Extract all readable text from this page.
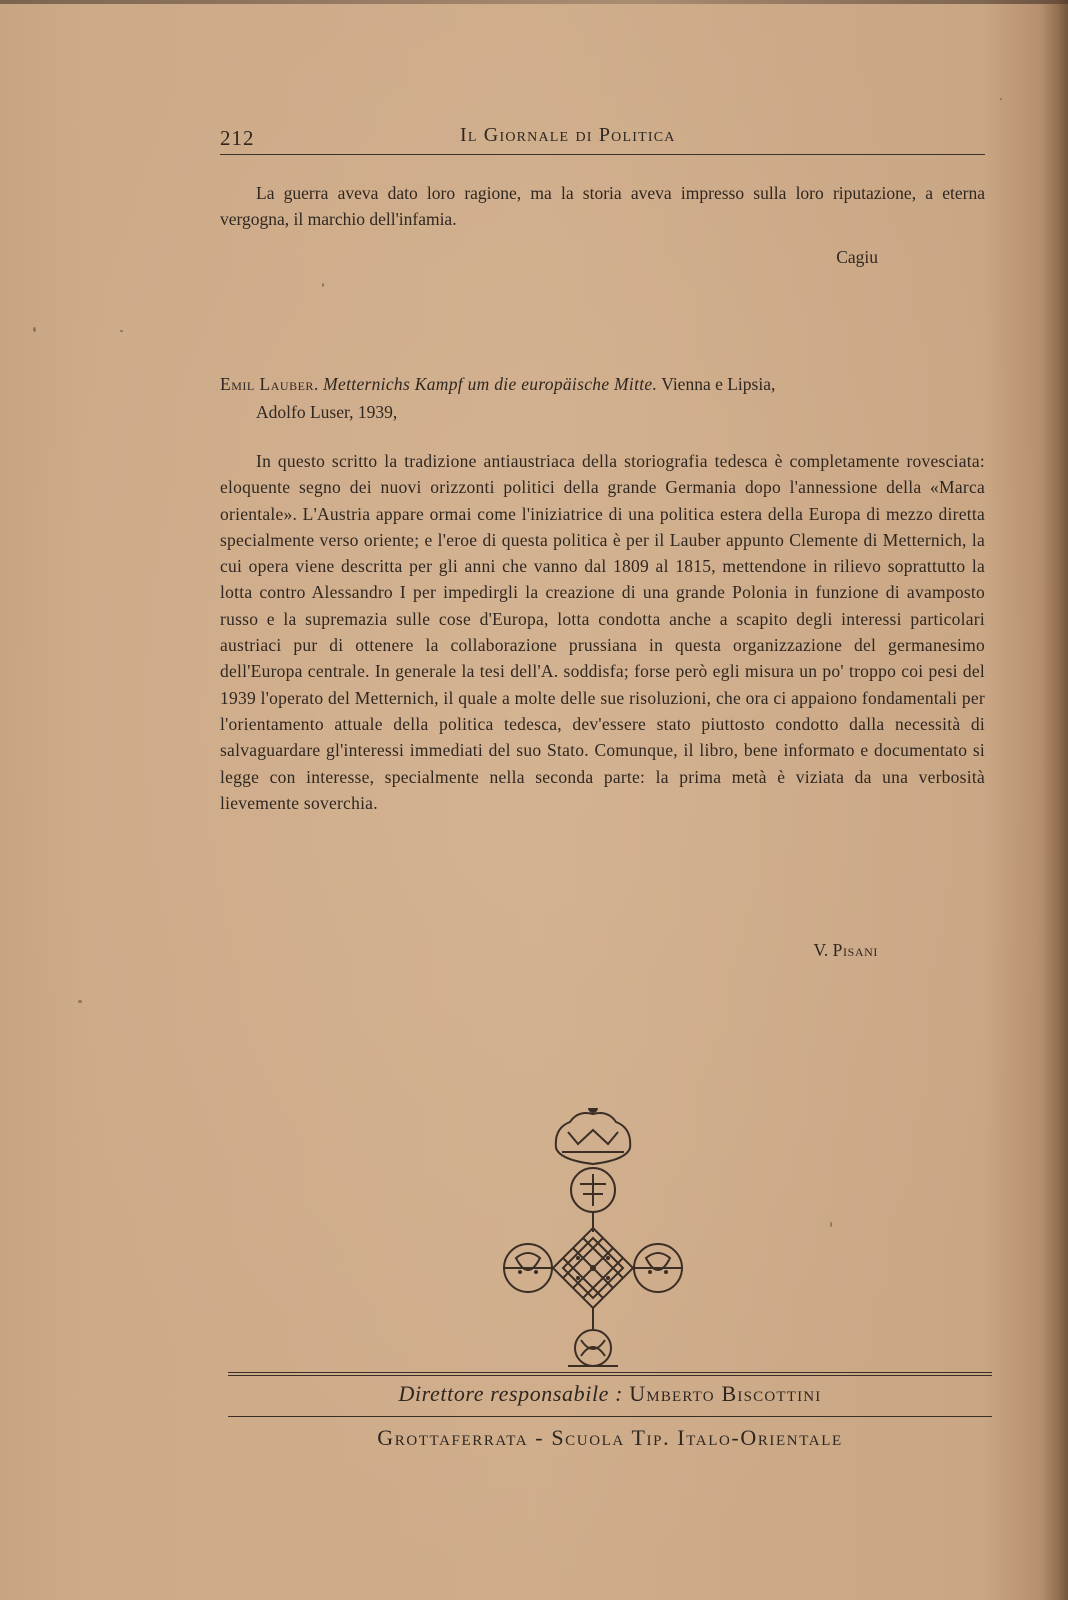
212	Il Giornale di Politica

La guerra aveva dato loro ragione, ma la storia aveva impresso sulla loro riputazione, a eterna vergogna, il marchio dell'infamia.

Cagiu
Emil Lauber. Metternichs Kampf um die europäische Mitte. Vienna e Lipsia,
Adolfo Luser, 1939,

In questo scritto la tradizione antiaustriaca della storiografia tedesca è completamente rovesciata: eloquente segno dei nuovi orizzonti politici della grande Germania dopo l'annessione della «Marca orientale». L'Austria appare ormai come l'iniziatrice di una politica estera della Europa di mezzo diretta specialmente verso oriente; e l'eroe di questa politica è per il Lauber appunto Clemente di Metternich, la cui opera viene descritta per gli anni che vanno dal 1809 al 1815, mettendone in rilievo soprattutto la lotta contro Alessandro I per impedirgli la creazione di una grande Polonia in funzione di avamposto russo e la supremazia sulle cose d'Europa, lotta condotta anche a scapito degli interessi particolari austriaci pur di ottenere la collaborazione prussiana in questa organizzazione del germanesimo dell'Europa centrale. In generale la tesi dell'A. soddisfa; forse però egli misura un po' troppo coi pesi del 1939 l'operato del Metternich, il quale a molte delle sue risoluzioni, che ora ci appaiono fondamentali per l'orientamento attuale della politica tedesca, dev'essere stato piuttosto condotto dalla necessità di salvaguardare gl'interessi immediati del suo Stato. Comunque, il libro, bene informato e documentato si legge con interesse, specialmente nella seconda parte: la prima metà è viziata da una verbosità lievemente soverchia.

V. Pisani
Direttore responsabile : Umberto Biscottini
Grottaferrata - Scuola Tip. Italo-Orientale
